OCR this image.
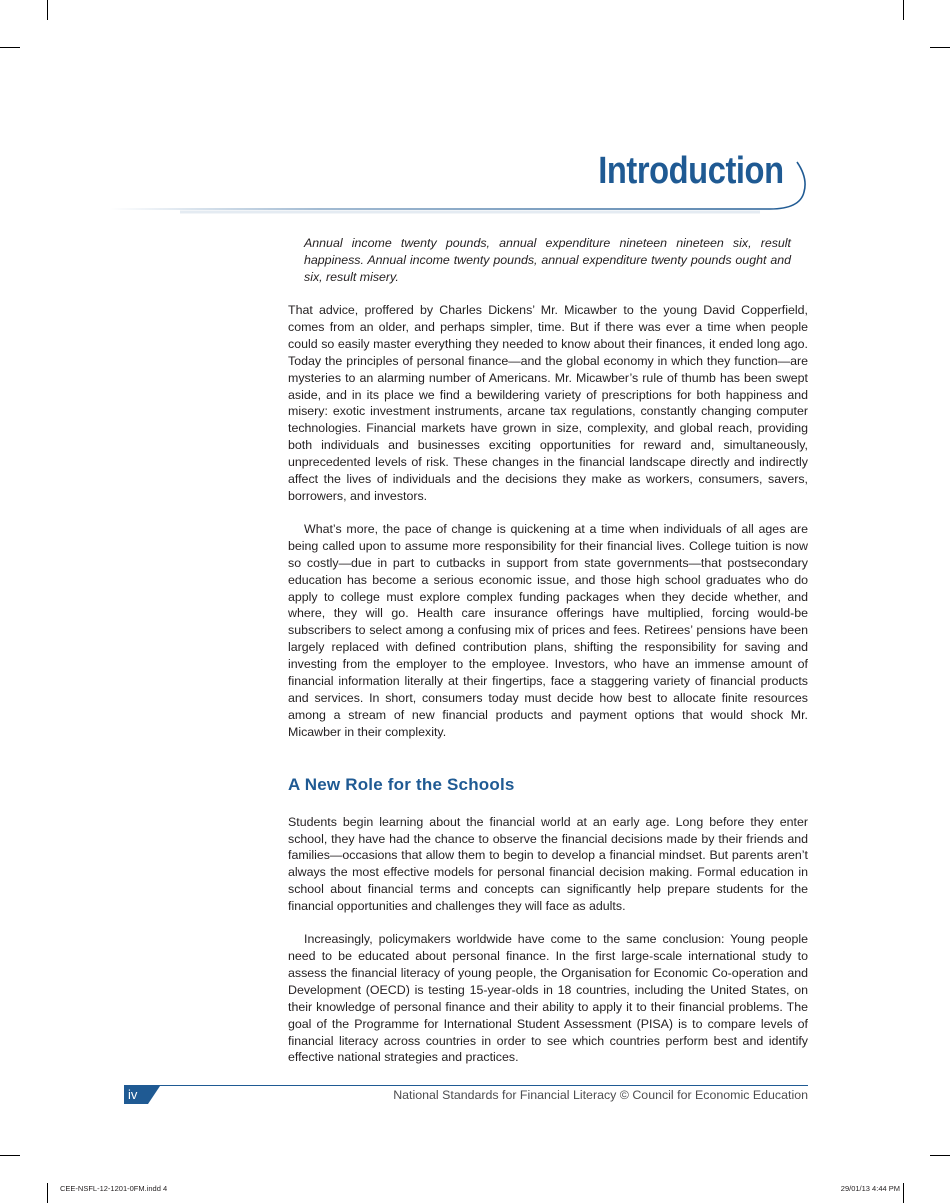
Introduction

Annual income twenty pounds, annual expenditure nineteen nineteen six, result happiness. Annual income twenty pounds, annual expenditure twenty pounds ought and six, result misery.

That advice, proffered by Charles Dickens’ Mr. Micawber to the young David Copperfield, comes from an older, and perhaps simpler, time. But if there was ever a time when people could so easily master everything they needed to know about their finances, it ended long ago. Today the principles of personal finance—and the global economy in which they function—are mysteries to an alarming number of Americans. Mr. Micawber’s rule of thumb has been swept aside, and in its place we find a bewildering variety of prescriptions for both happiness and misery: exotic investment instruments, arcane tax regulations, constantly changing computer technologies. Financial markets have grown in size, complexity, and global reach, providing both individuals and businesses exciting opportunities for reward and, simultaneously, unprecedented levels of risk. These changes in the financial landscape directly and indirectly affect the lives of individuals and the decisions they make as workers, consumers, savers, borrowers, and investors.

What’s more, the pace of change is quickening at a time when individuals of all ages are being called upon to assume more responsibility for their financial lives. College tuition is now so costly—due in part to cutbacks in support from state governments—that postsecondary education has become a serious economic issue, and those high school graduates who do apply to college must explore complex funding packages when they decide whether, and where, they will go. Health care insurance offerings have multiplied, forcing would-be subscribers to select among a confusing mix of prices and fees. Retirees’ pensions have been largely replaced with defined contribution plans, shifting the responsibility for saving and investing from the employer to the employee. Investors, who have an immense amount of financial information literally at their fingertips, face a staggering variety of financial products and services. In short, consumers today must decide how best to allocate finite resources among a stream of new financial products and payment options that would shock Mr. Micawber in their complexity.

A New Role for the Schools

Students begin learning about the financial world at an early age. Long before they enter school, they have had the chance to observe the financial decisions made by their friends and families—occasions that allow them to begin to develop a financial mindset. But parents aren’t always the most effective models for personal financial decision making. Formal education in school about financial terms and concepts can significantly help prepare students for the financial opportunities and challenges they will face as adults.

Increasingly, policymakers worldwide have come to the same conclusion: Young people need to be educated about personal finance. In the first large-scale international study to assess the financial literacy of young people, the Organisation for Economic Co-operation and Development (OECD) is testing 15-year-olds in 18 countries, including the United States, on their knowledge of personal finance and their ability to apply it to their financial problems. The goal of the Programme for International Student Assessment (PISA) is to compare levels of financial literacy across countries in order to see which countries perform best and identify effective national strategies and practices.

iv	National Standards for Financial Literacy © Council for Economic Education
CEE-NSFL-12-1201-0FM.indd 4	29/01/13 4:44 PM
